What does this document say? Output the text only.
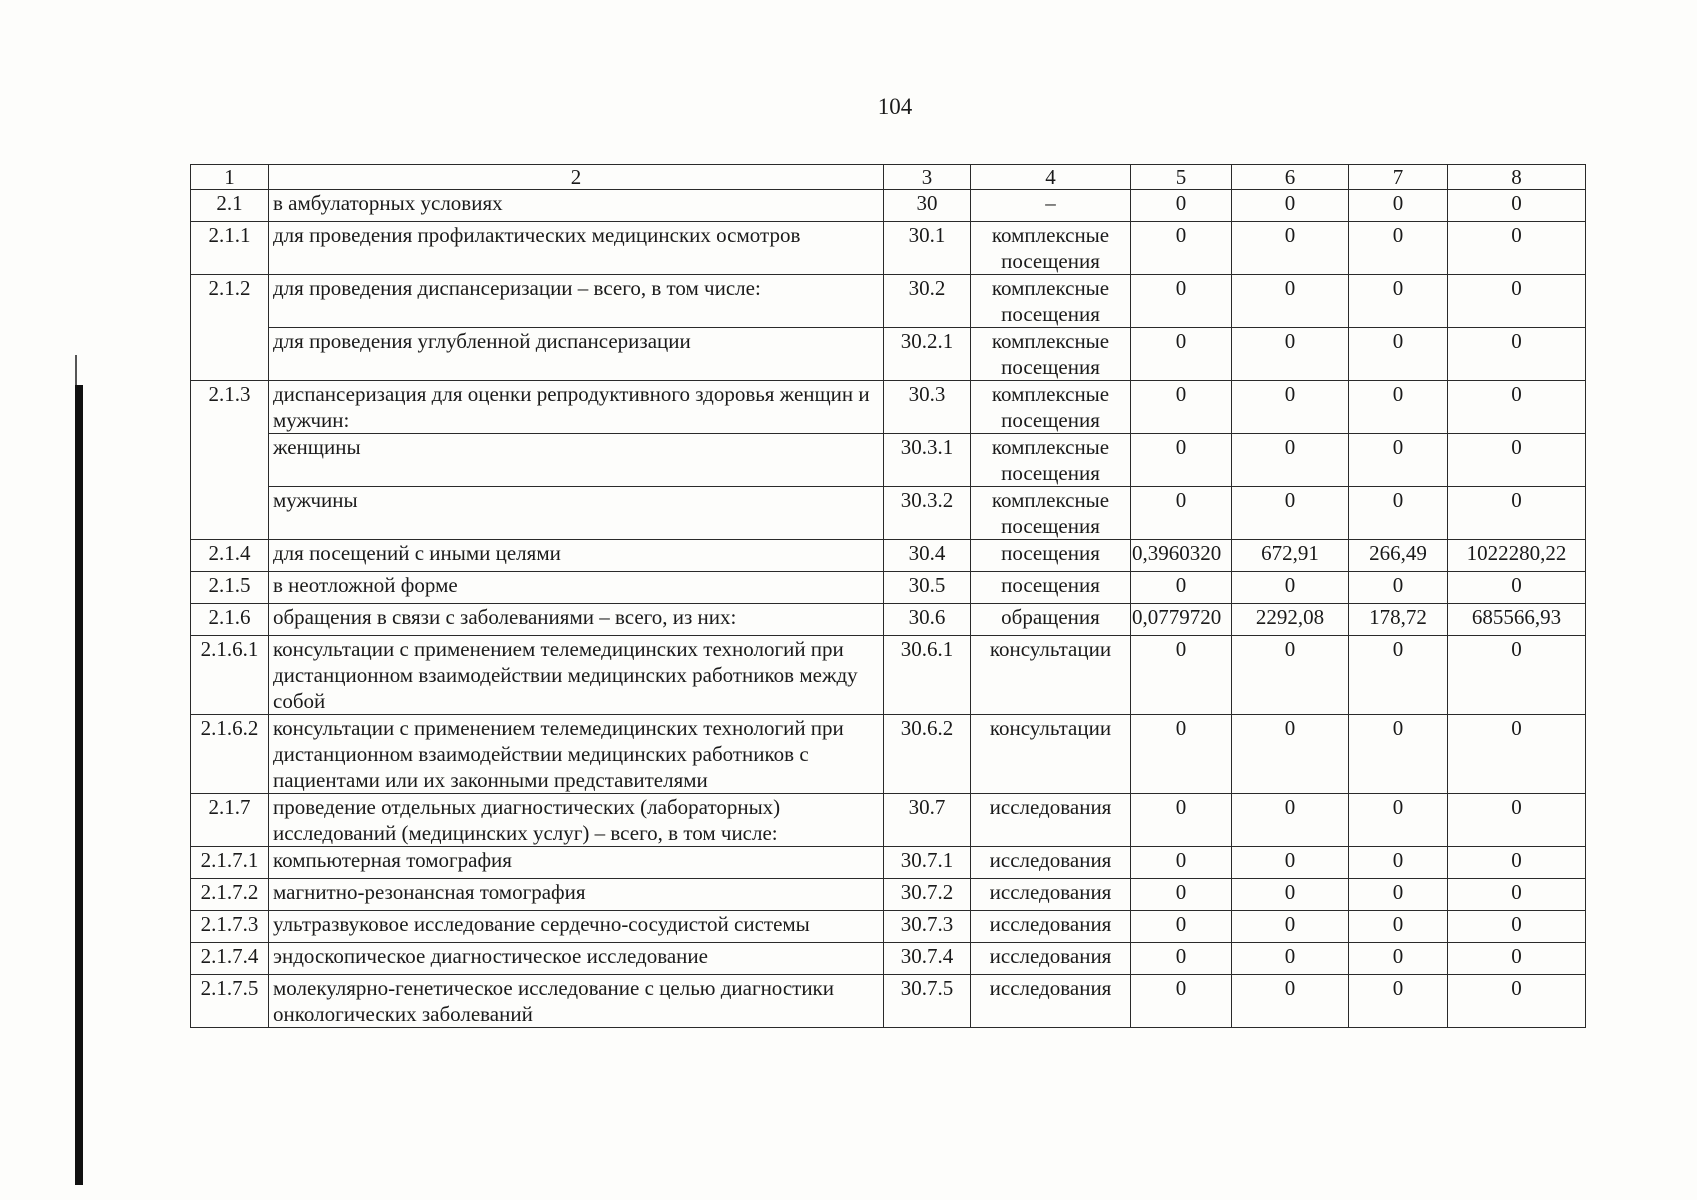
104
1	2	3	4	5	6	7	8
2.1	в амбулаторных условиях	30	–	0	0	0	0
2.1.1	для проведения профилактических медицинских осмотров	30.1	комплексные посещения	0	0	0	0
2.1.2	для проведения диспансеризации – всего, в том числе:	30.2	комплексные посещения	0	0	0	0
	для проведения углубленной диспансеризации	30.2.1	комплексные посещения	0	0	0	0
2.1.3	диспансеризация для оценки репродуктивного здоровья женщин и мужчин:	30.3	комплексные посещения	0	0	0	0
	женщины	30.3.1	комплексные посещения	0	0	0	0
	мужчины	30.3.2	комплексные посещения	0	0	0	0
2.1.4	для посещений с иными целями	30.4	посещения	0,3960320	672,91	266,49	1022280,22
2.1.5	в неотложной форме	30.5	посещения	0	0	0	0
2.1.6	обращения в связи с заболеваниями – всего, из них:	30.6	обращения	0,0779720	2292,08	178,72	685566,93
2.1.6.1	консультации с применением телемедицинских технологий при дистанционном взаимодействии медицинских работников между собой	30.6.1	консультации	0	0	0	0
2.1.6.2	консультации с применением телемедицинских технологий при дистанционном взаимодействии медицинских работников с пациентами или их законными представителями	30.6.2	консультации	0	0	0	0
2.1.7	проведение отдельных диагностических (лабораторных) исследований (медицинских услуг) – всего, в том числе:	30.7	исследования	0	0	0	0
2.1.7.1	компьютерная томография	30.7.1	исследования	0	0	0	0
2.1.7.2	магнитно-резонансная томография	30.7.2	исследования	0	0	0	0
2.1.7.3	ультразвуковое исследование сердечно-сосудистой системы	30.7.3	исследования	0	0	0	0
2.1.7.4	эндоскопическое диагностическое исследование	30.7.4	исследования	0	0	0	0
2.1.7.5	молекулярно-генетическое исследование с целью диагностики онкологических заболеваний	30.7.5	исследования	0	0	0	0
